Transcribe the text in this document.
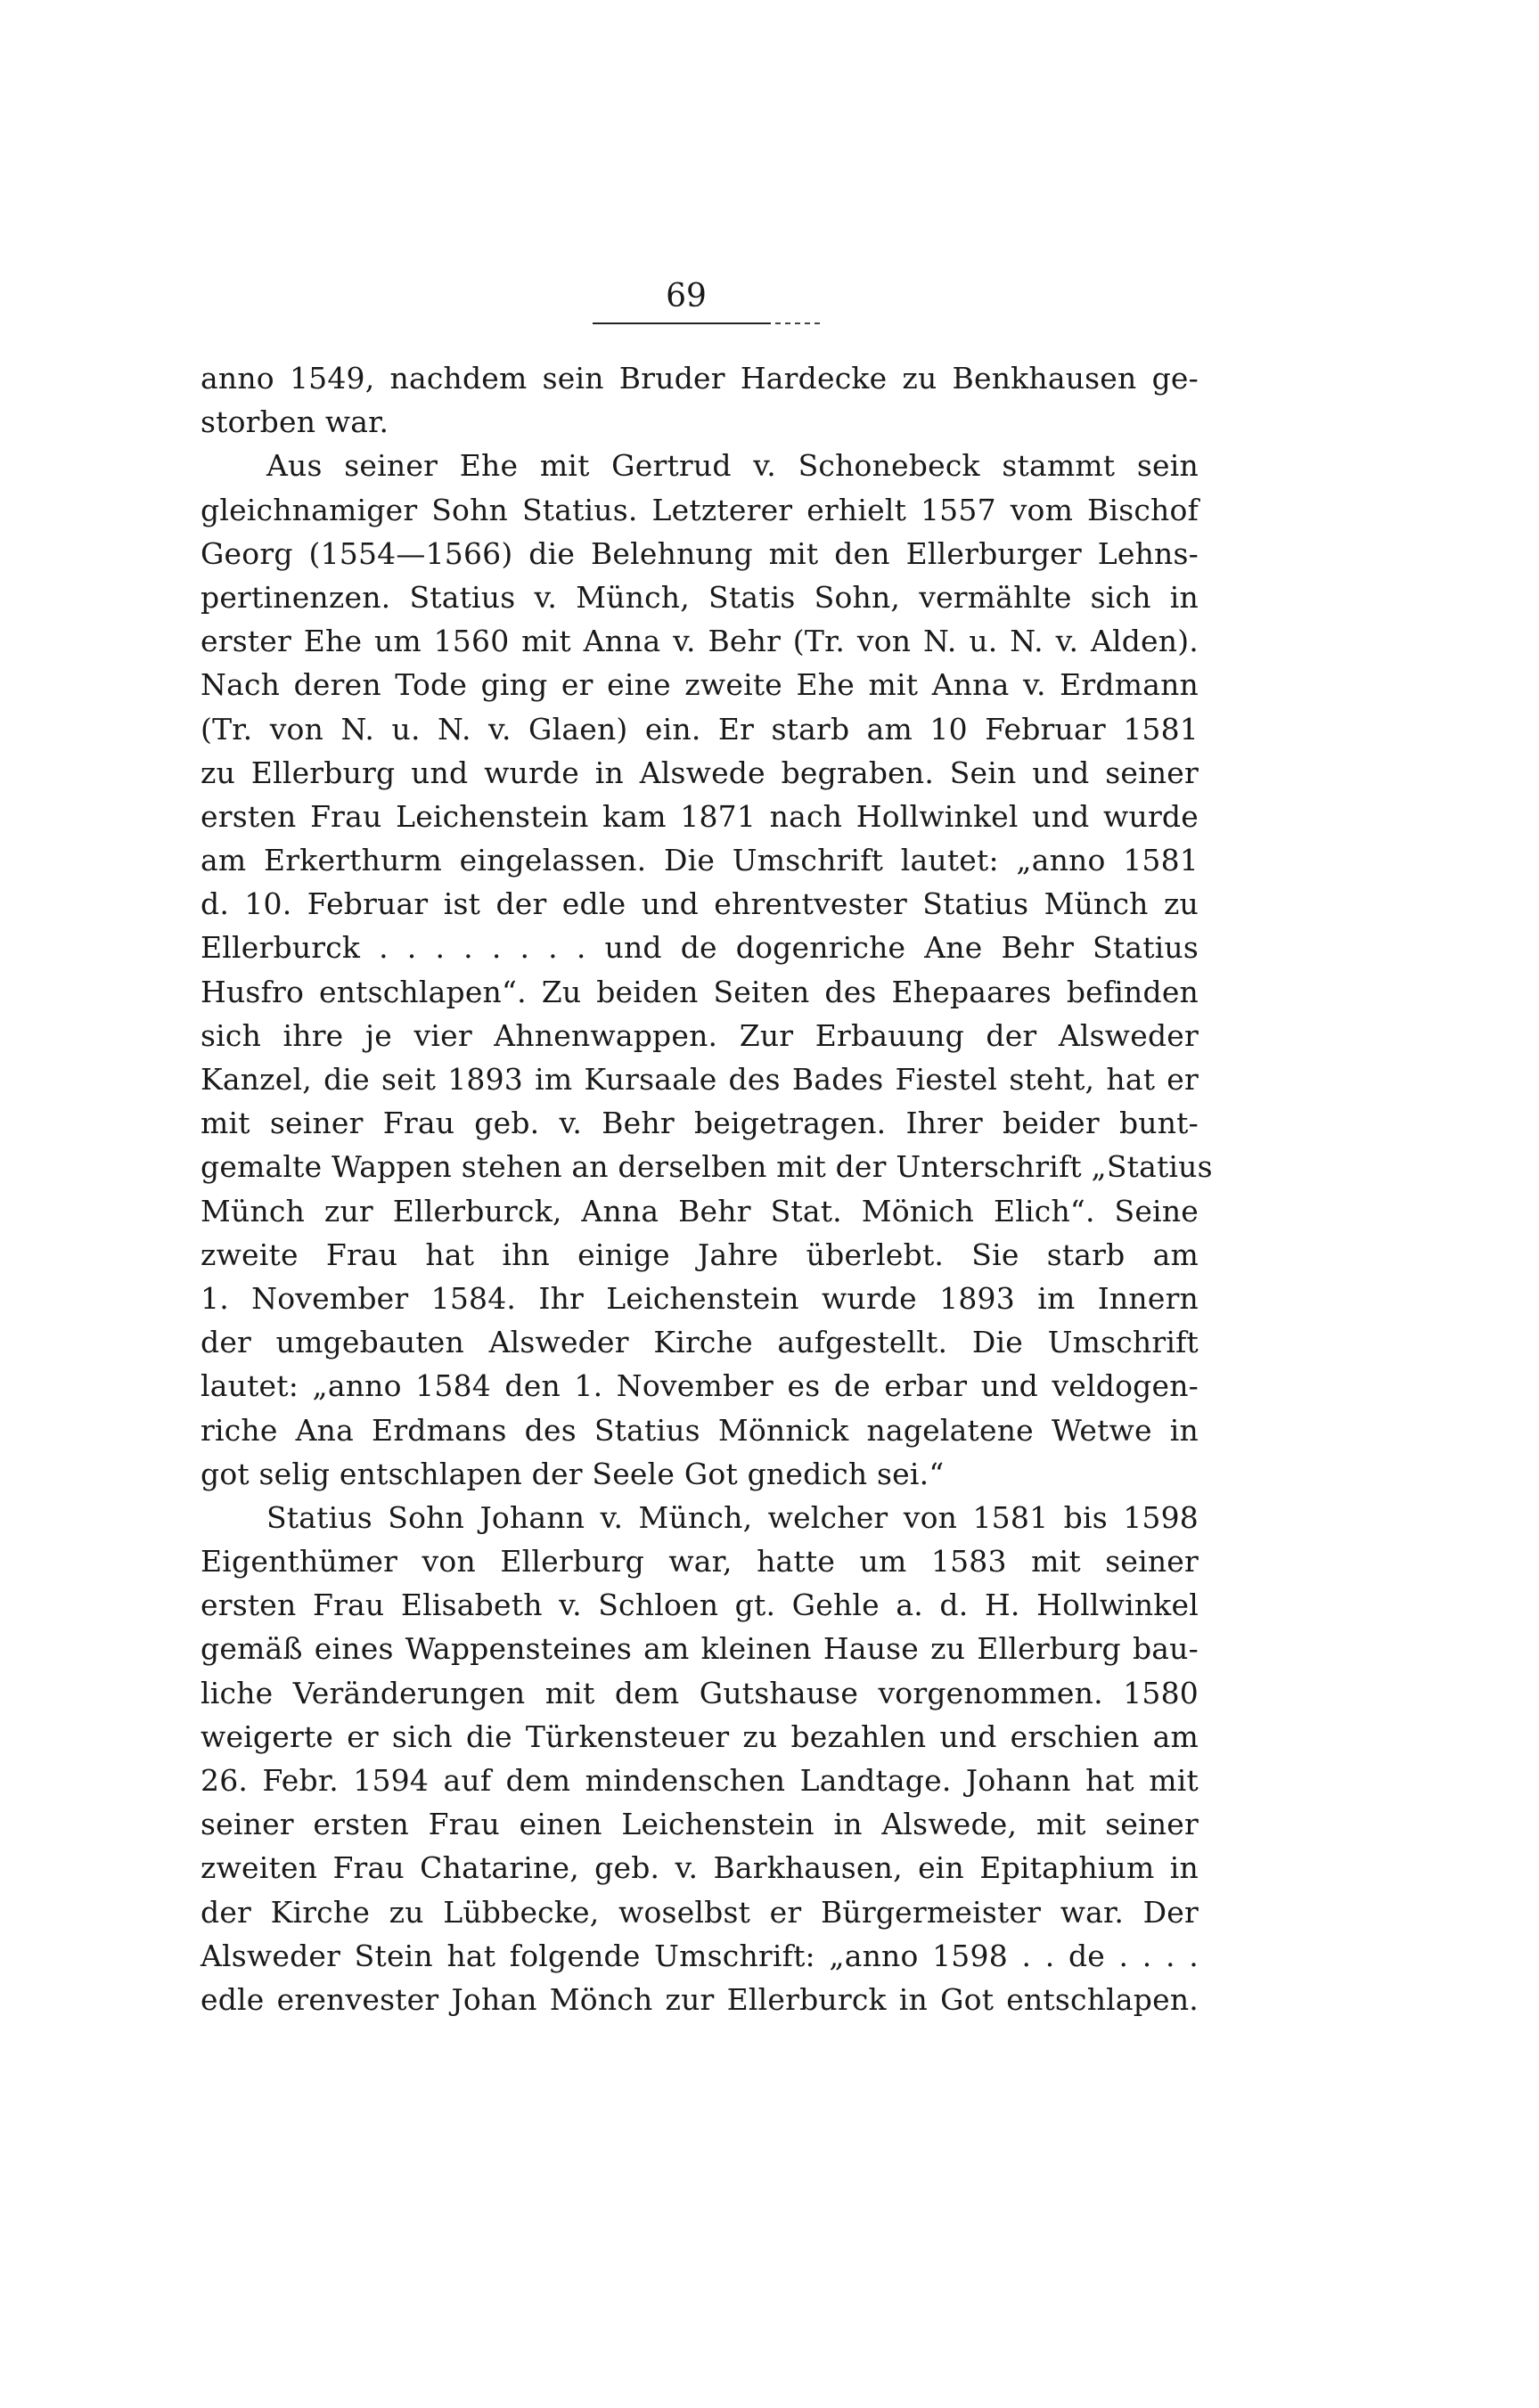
69
anno 1549, nachdem sein Bruder Hardecke zu Benkhausen ge-
storben war.
Aus seiner Ehe mit Gertrud v. Schonebeck stammt sein
gleichnamiger Sohn Statius. Letzterer erhielt 1557 vom Bischof
Georg (1554—1566) die Belehnung mit den Ellerburger Lehns-
pertinenzen. Statius v. Münch, Statis Sohn, vermählte sich in
erster Ehe um 1560 mit Anna v. Behr (Tr. von N. u. N. v. Alden).
Nach deren Tode ging er eine zweite Ehe mit Anna v. Erdmann
(Tr. von N. u. N. v. Glaen) ein. Er starb am 10 Februar 1581
zu Ellerburg und wurde in Alswede begraben. Sein und seiner
ersten Frau Leichenstein kam 1871 nach Hollwinkel und wurde
am Erkerthurm eingelassen. Die Umschrift lautet: „anno 1581
d. 10. Februar ist der edle und ehrentvester Statius Münch zu
Ellerburck . . . . . . . . und de dogenriche Ane Behr Statius
Husfro entschlapen“. Zu beiden Seiten des Ehepaares befinden
sich ihre je vier Ahnenwappen. Zur Erbauung der Alsweder
Kanzel, die seit 1893 im Kursaale des Bades Fiestel steht, hat er
mit seiner Frau geb. v. Behr beigetragen. Ihrer beider bunt-
gemalte Wappen stehen an derselben mit der Unterschrift „Statius
Münch zur Ellerburck, Anna Behr Stat. Mönich Elich“. Seine
zweite Frau hat ihn einige Jahre überlebt. Sie starb am
1. November 1584. Ihr Leichenstein wurde 1893 im Innern
der umgebauten Alsweder Kirche aufgestellt. Die Umschrift
lautet: „anno 1584 den 1. November es de erbar und veldogen-
riche Ana Erdmans des Statius Mönnick nagelatene Wetwe in
got selig entschlapen der Seele Got gnedich sei.“
Statius Sohn Johann v. Münch, welcher von 1581 bis 1598
Eigenthümer von Ellerburg war, hatte um 1583 mit seiner
ersten Frau Elisabeth v. Schloen gt. Gehle a. d. H. Hollwinkel
gemäß eines Wappensteines am kleinen Hause zu Ellerburg bau-
liche Veränderungen mit dem Gutshause vorgenommen. 1580
weigerte er sich die Türkensteuer zu bezahlen und erschien am
26. Febr. 1594 auf dem mindenschen Landtage. Johann hat mit
seiner ersten Frau einen Leichenstein in Alswede, mit seiner
zweiten Frau Chatarine, geb. v. Barkhausen, ein Epitaphium in
der Kirche zu Lübbecke, woselbst er Bürgermeister war. Der
Alsweder Stein hat folgende Umschrift: „anno 1598 . . de . . . .
edle erenvester Johan Mönch zur Ellerburck in Got entschlapen.
